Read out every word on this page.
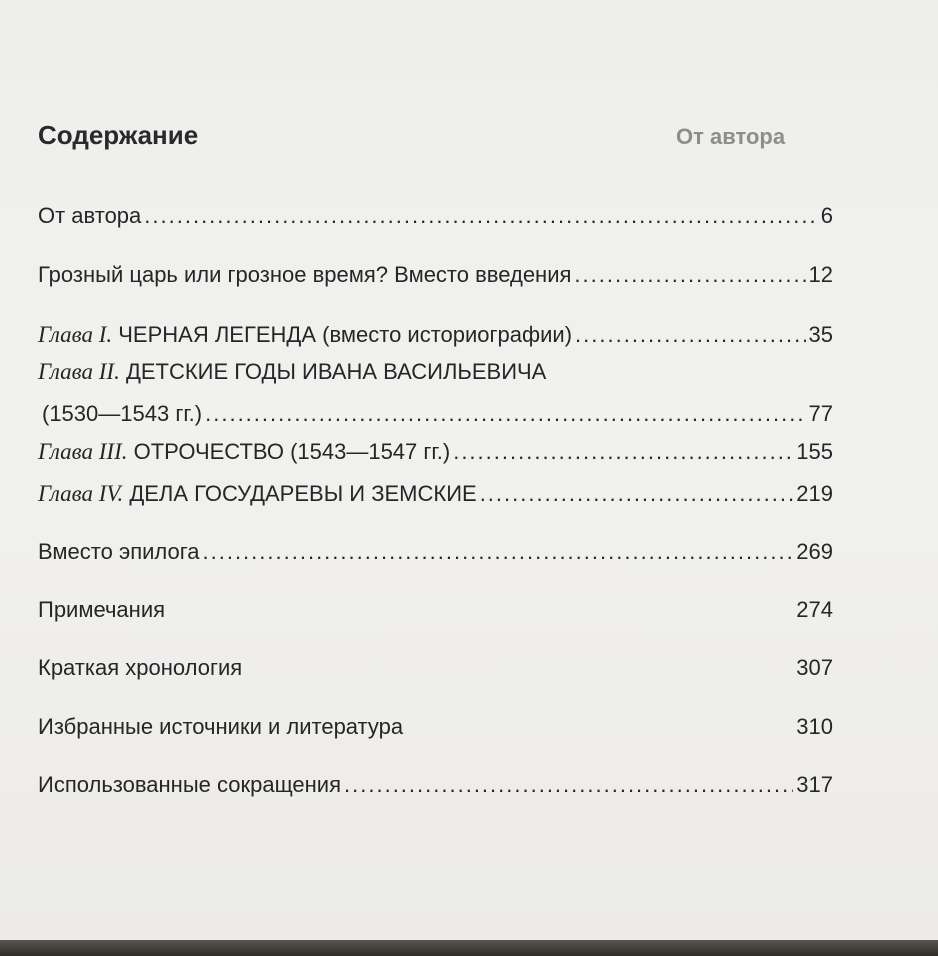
Содержание	От автора
От автора .....	6
Грозный царь или грозное время? Вместо введения .....	12
Глава I. ЧЕРНАЯ ЛЕГЕНДА (вместо историографии) .....	35
Глава II. ДЕТСКИЕ ГОДЫ ИВАНА ВАСИЛЬЕВИЧА
(1530—1543 гг.) .....	77
Глава III. ОТРОЧЕСТВО (1543—1547 гг.) .....	155
Глава IV. ДЕЛА ГОСУДАРЕВЫ И ЗЕМСКИЕ .....	219
Вместо эпилога .....	269
Примечания	274
Краткая хронология	307
Избранные источники и литература	310
Использованные сокращения .....	317
